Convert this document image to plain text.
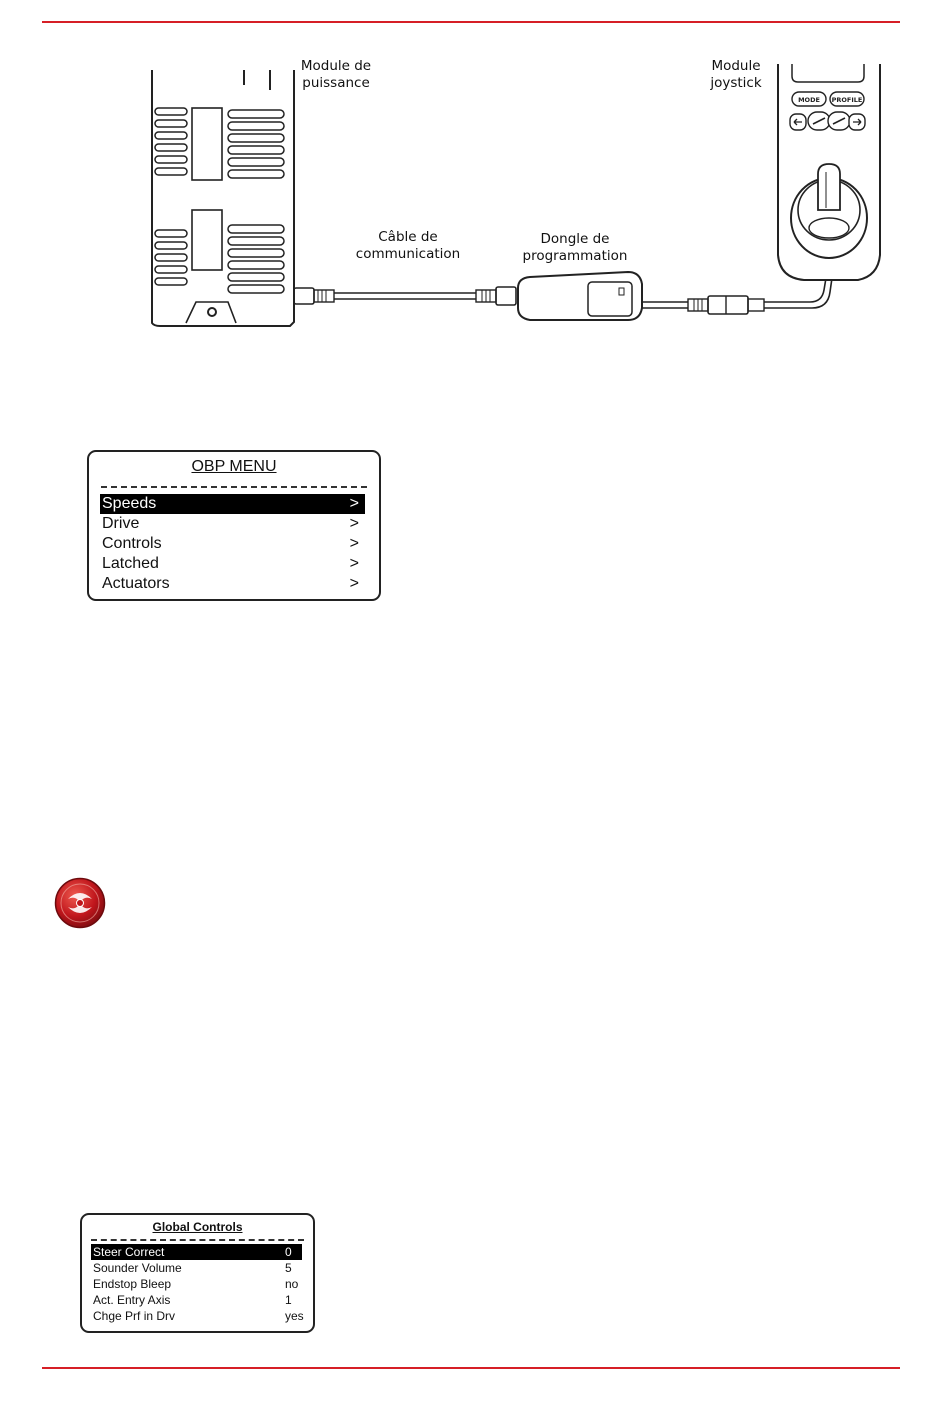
MODE PROFILE
Module de
puissance
Module
joystick
Câble de
communication
Dongle de
programmation
OBP MENU
Speeds	>
Drive	>
Controls	>
Latched	>
Actuators	>
Global Controls
Steer Correct	0
Sounder Volume	5
Endstop Bleep	no
Act. Entry Axis	1
Chge Prf in Drv	yes
